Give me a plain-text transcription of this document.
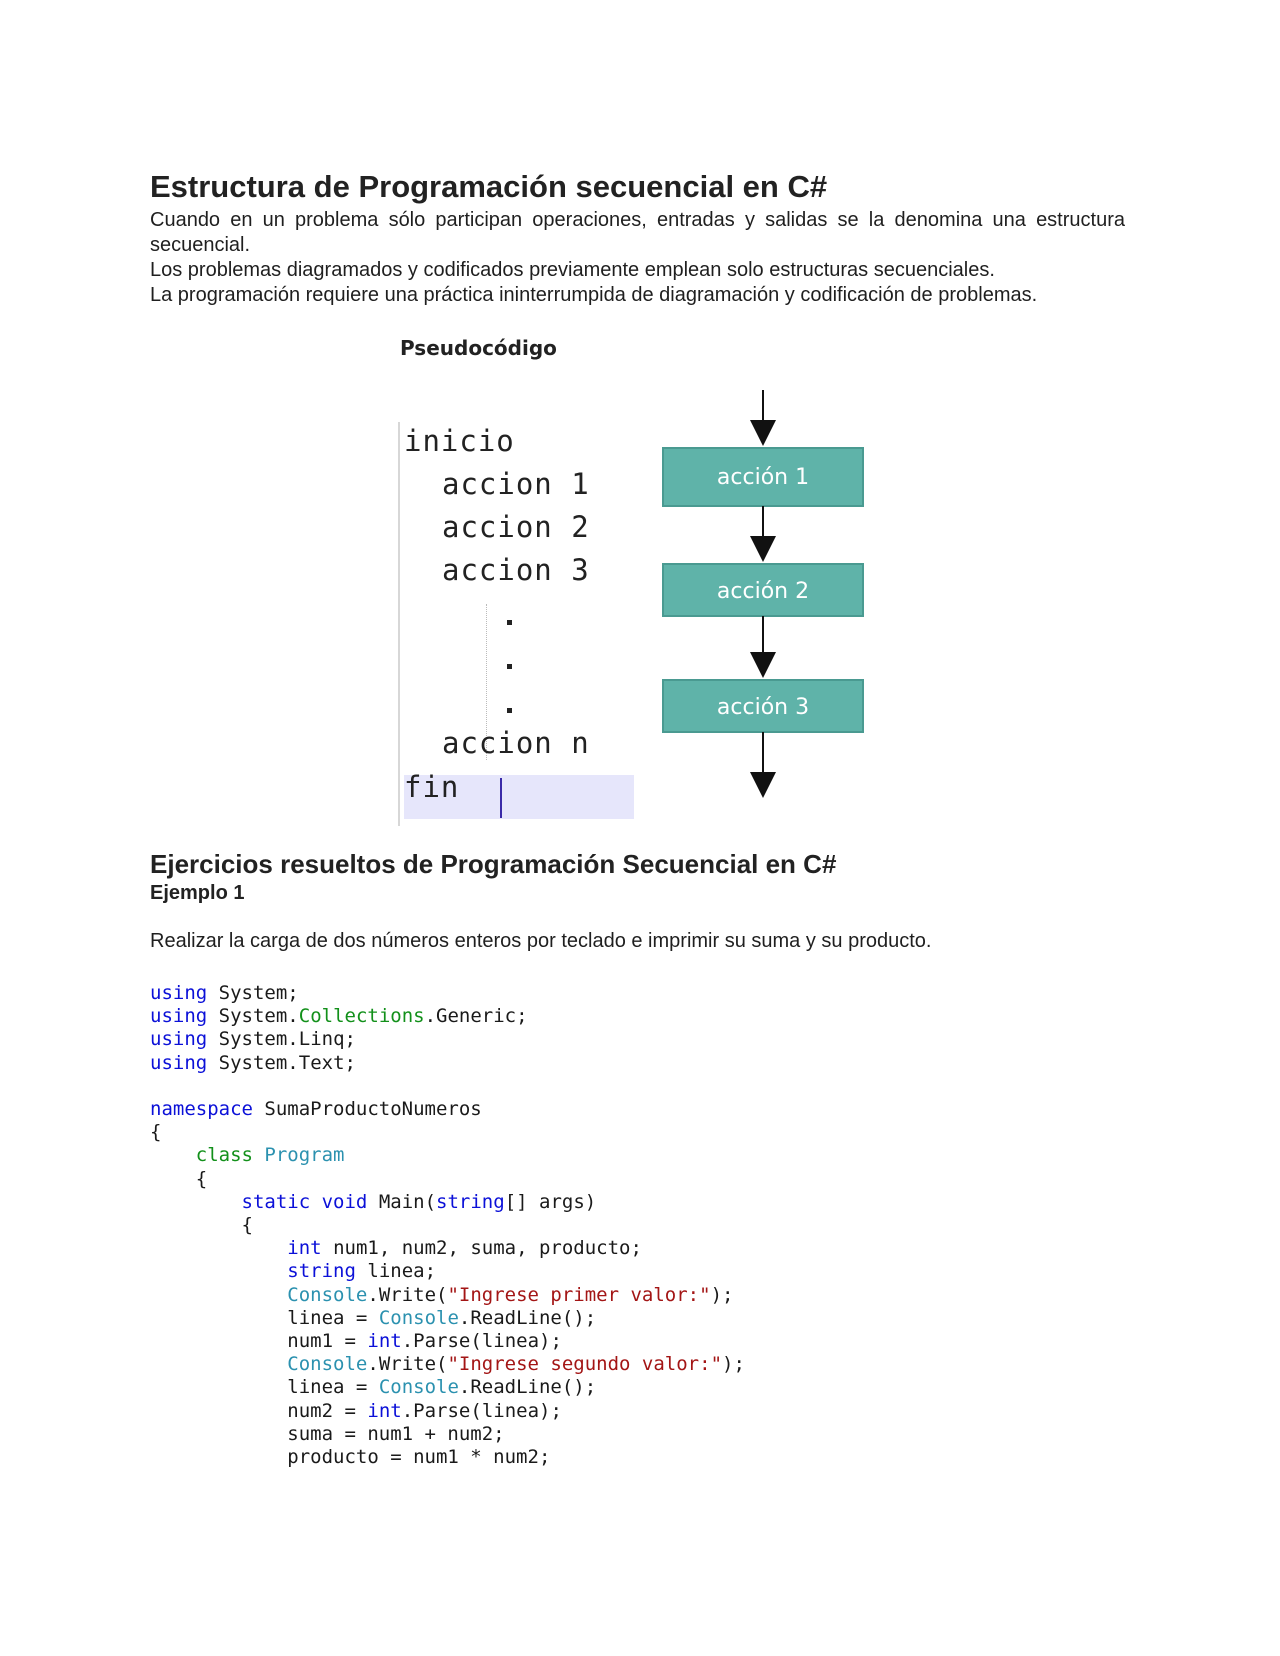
Estructura de Programación secuencial en C#

Cuando en un problema sólo participan operaciones, entradas y salidas se la denomina una estructura secuencial.

Los problemas diagramados y codificados previamente emplean solo estructuras secuenciales.

La programación requiere una práctica ininterrumpida de diagramación y codificación de problemas.

Pseudocódigo
inicio
accion 1
accion 2
accion 3
accion n
fin
acción 1
acción 2
acción 3
Ejercicios resueltos de Programación Secuencial en C#
Ejemplo 1

Realizar la carga de dos números enteros por teclado e imprimir su suma y su producto.

using System;
using System.Collections.Generic;
using System.Linq;
using System.Text;

namespace SumaProductoNumeros
{
class Program
{
static void Main(string[] args)
{
int num1, num2, suma, producto;
string linea;
Console.Write("Ingrese primer valor:");
linea = Console.ReadLine();
num1 = int.Parse(linea);
Console.Write("Ingrese segundo valor:");
linea = Console.ReadLine();
num2 = int.Parse(linea);
suma = num1 + num2;
producto = num1 * num2;
